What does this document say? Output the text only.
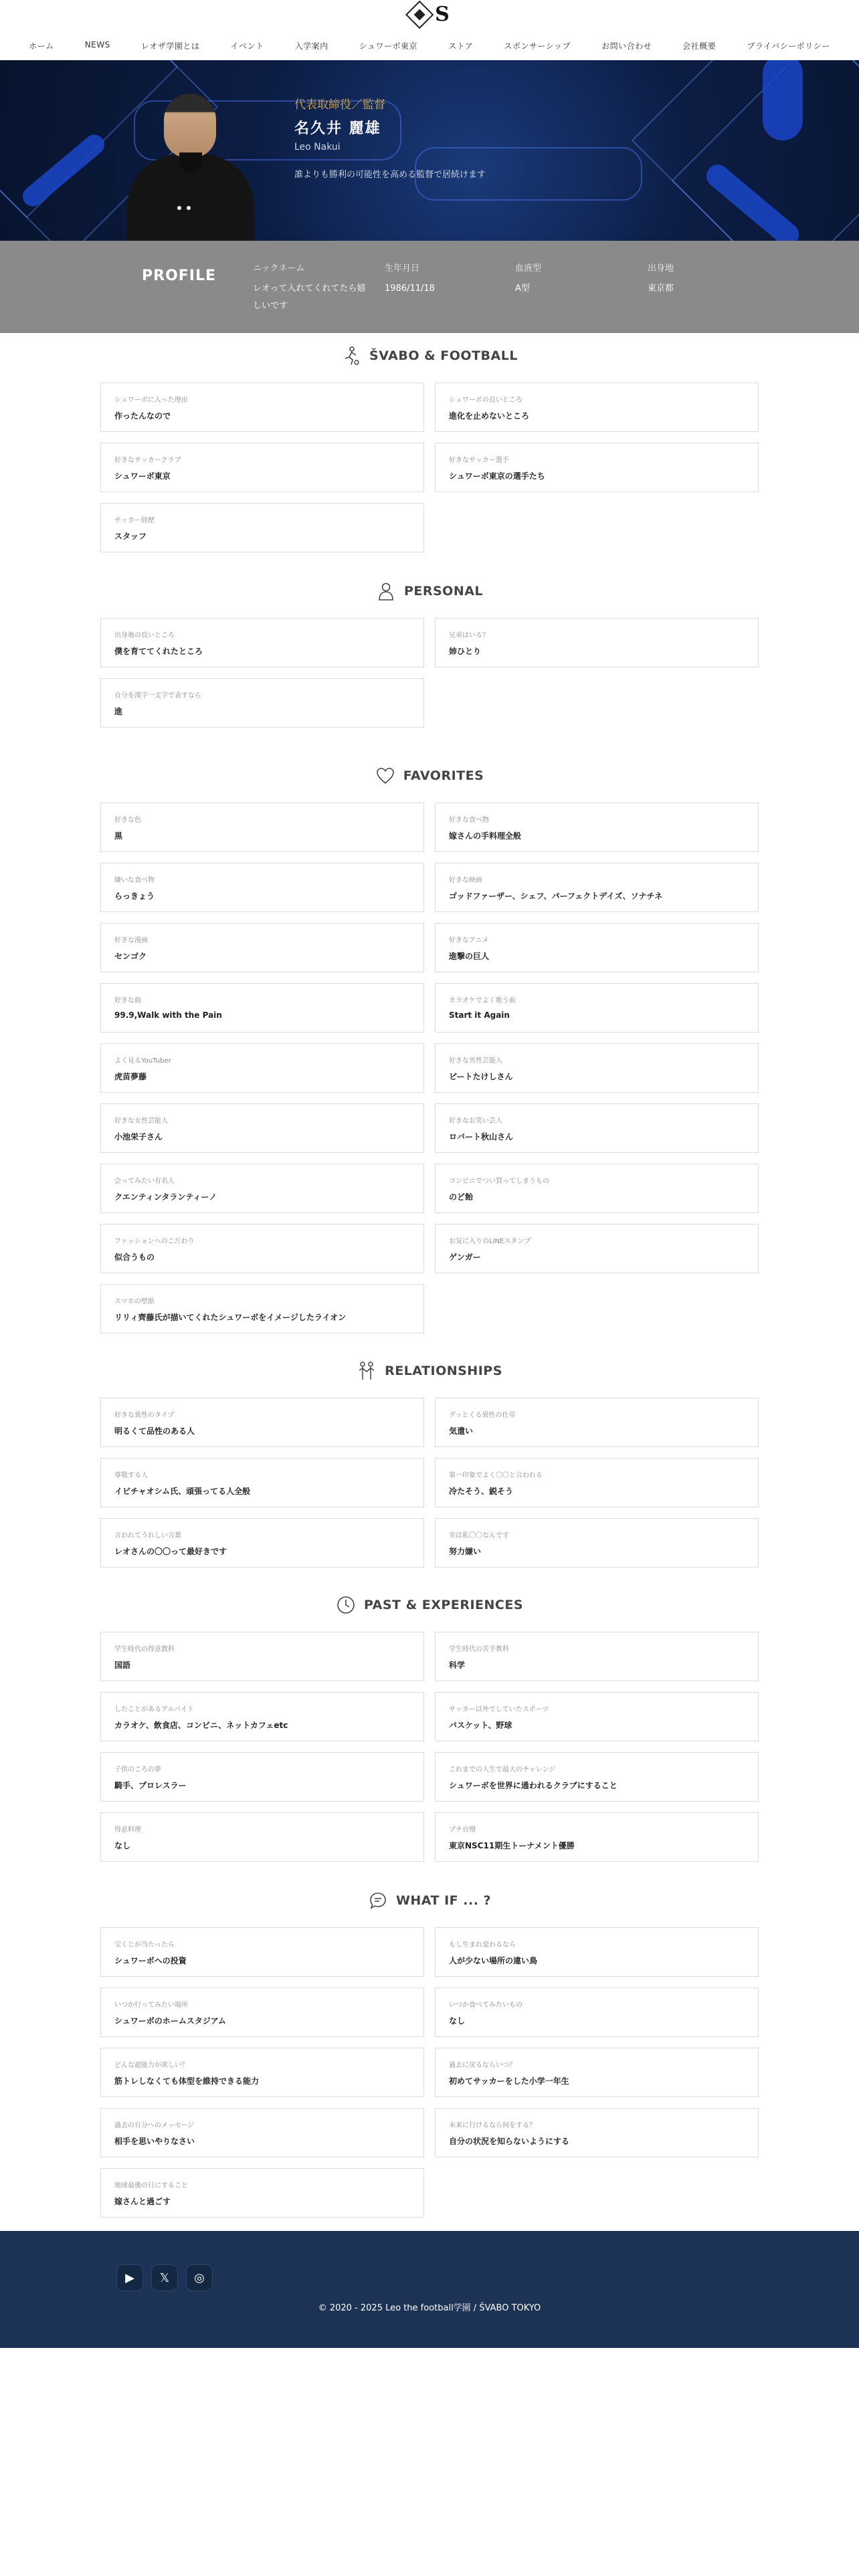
S
ホーム	NEWS	レオザ学園とは	イベント	入学案内	シュワーボ東京	ストア	スポンサーシップ	お問い合わせ	会社概要	プライバシーポリシー
代表取締役／監督
名久井 麗雄
Leo Nakui
誰よりも勝利の可能性を高める監督で居続けます
PROFILE	ニックネーム
レオって入れてくれてたら嬉しいです
生年月日
1986/11/18
血液型
A型
出身地
東京都
ŠVABO & FOOTBALL
シュワーボに入った理由
作ったんなので
シュワーボの良いところ
進化を止めないところ
好きなサッカークラブ
シュワーボ東京
好きなサッカー選手
シュワーボ東京の選手たち
サッカー経歴
スタッフ
PERSONAL
出身地の良いところ
僕を育ててくれたところ
兄弟はいる？
姉ひとり
自分を漢字一文字で表すなら
進
FAVORITES
好きな色
黒
好きな食べ物
嫁さんの手料理全般
嫌いな食べ物
らっきょう
好きな映画
ゴッドファーザー、シェフ、パーフェクトデイズ、ソナチネ
好きな漫画
センゴク
好きなアニメ
進撃の巨人
好きな曲
99.9,Walk with the Pain
カラオケでよく歌う曲
Start it Again
よく見るYouTuber
虎苗夢藤
好きな男性芸能人
ピートたけしさん
好きな女性芸能人
小池栄子さん
好きなお笑い芸人
ロバート秋山さん
会ってみたい有名人
クエンティンタランティーノ
コンビニでつい買ってしまうもの
のど飴
ファッションへのこだわり
似合うもの
お気に入りのLINEスタンプ
ゲンガー
スマホの壁紙
リリィ齊藤氏が描いてくれたシュワーボをイメージしたライオン
RELATIONSHIPS
好きな異性のタイプ
明るくて品性のある人
グッとくる異性の仕草
気遣い
尊敬する人
イビチャオシム氏、頑張ってる人全般
第一印象でよく〇〇と言われる
冷たそう、鋭そう
言われてうれしい言葉
レオさんの〇〇って最好きです
実は私〇〇なんです
努力嫌い
PAST & EXPERIENCES
学生時代の得意教科
国語
学生時代の苦手教科
科学
したことがあるアルバイト
カラオケ、飲食店、コンビニ、ネットカフェetc
サッカー以外でしていたスポーツ
バスケット、野球
子供のころの夢
騎手、プロレスラー
これまでの人生で最大のチャレンジ
シュワーボを世界に通われるクラブにすること
得意料理
なし
プチ自慢
東京NSC11期生トーナメント優勝
WHAT IF ... ?
宝くじが当たったら
シュワーボへの投資
もし生まれ変わるなら
人が少ない場所の違い鳥
いつか行ってみたい場所
シュワーボのホームスタジアム
いつか食べてみたいもの
なし
どんな超能力が欲しい？
筋トレしなくても体型を維持できる能力
過去に戻るならいつ？
初めてサッカーをした小学一年生
過去の自分へのメッセージ
相手を思いやりなさい
未来に行けるなら何をする？
自分の状況を知らないようにする
地球最後の日にすること
嫁さんと過ごす
▶	𝕏	◎
© 2020 - 2025 Leo the football学園 / ŠVABO TOKYO
